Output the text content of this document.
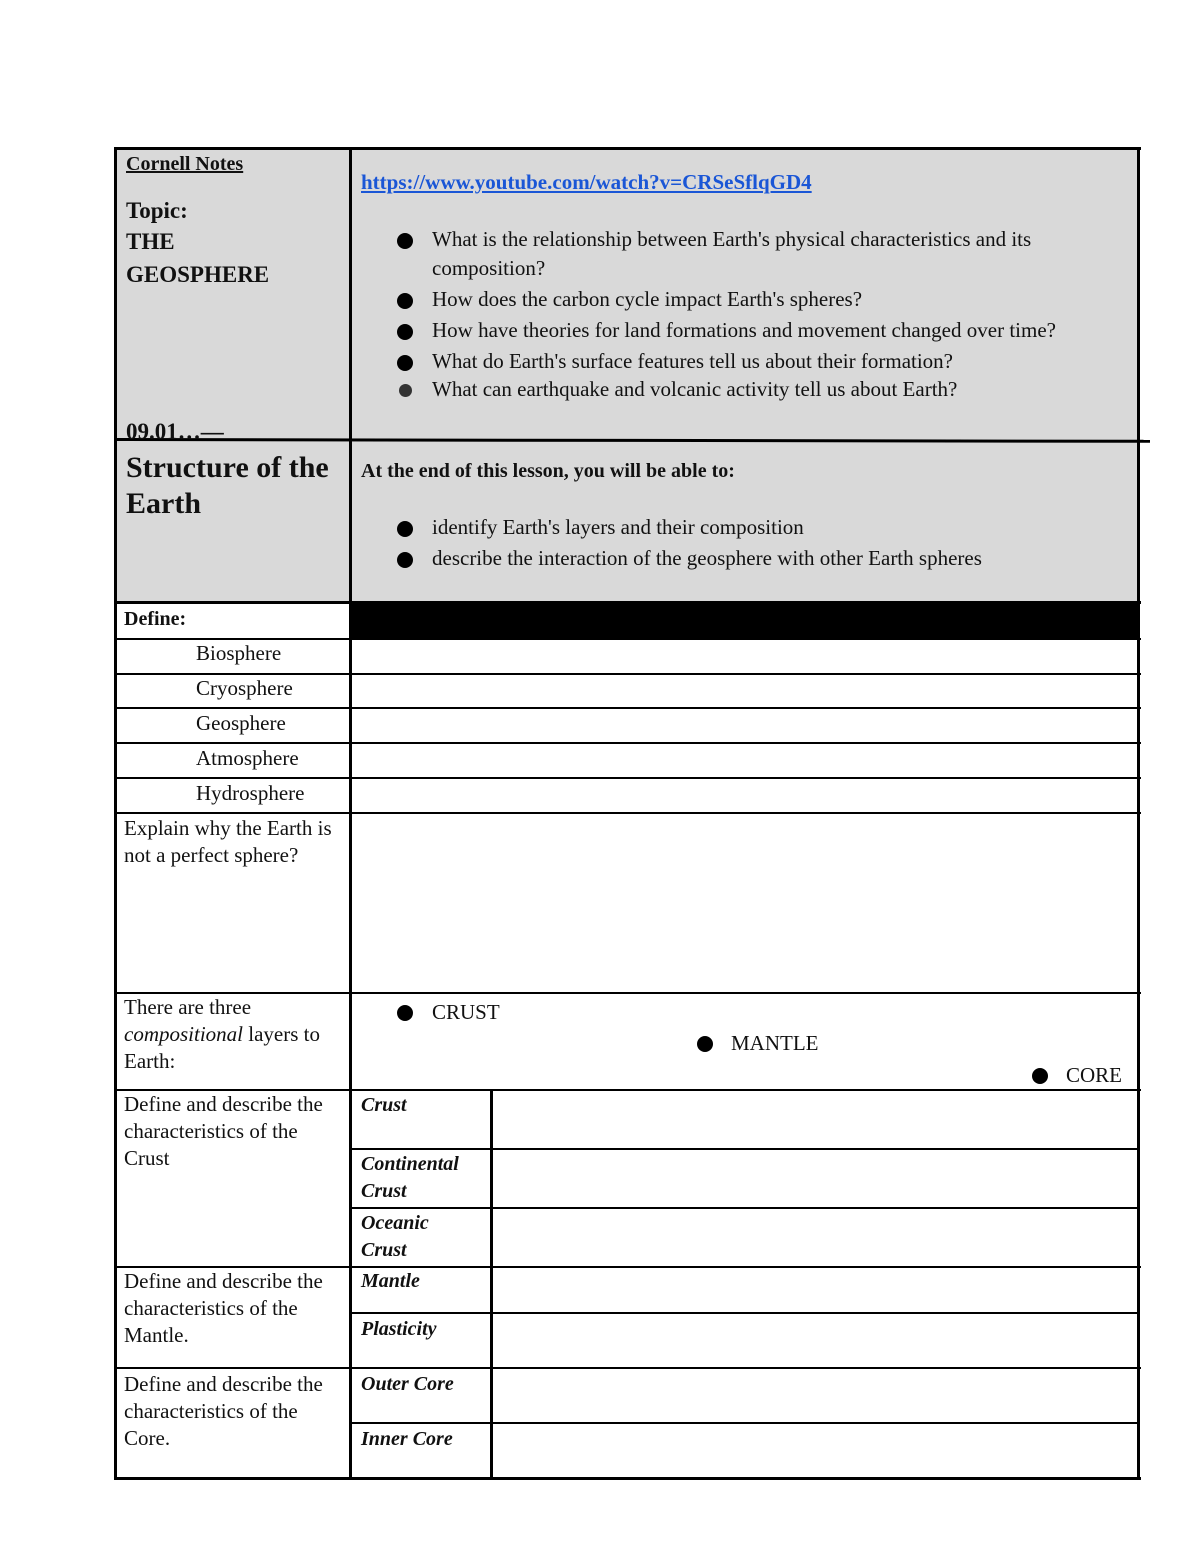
Cornell Notes
Topic:
THE
GEOSPHERE
09.01…—
Structure of the Earth
https://www.youtube.com/watch?v=CRSeSflqGD4
What is the relationship between Earth's physical characteristics and its composition?
How does the carbon cycle impact Earth's spheres?
How have theories for land formations and movement changed over time?
What do Earth's surface features tell us about their formation?
What can earthquake and volcanic activity tell us about Earth?
At the end of this lesson, you will be able to:
identify Earth's layers and their composition
describe the interaction of the geosphere with other Earth spheres
Define:
Biosphere
Cryosphere
Geosphere
Atmosphere
Hydrosphere
Explain why the Earth is not a perfect sphere?
There are three compositional layers to Earth:
CRUST
MANTLE
CORE
Define and describe the characteristics of the Crust
Crust
Continental Crust
Oceanic Crust
Define and describe the characteristics of the Mantle.
Mantle
Plasticity
Define and describe the characteristics of the Core.
Outer Core
Inner Core
